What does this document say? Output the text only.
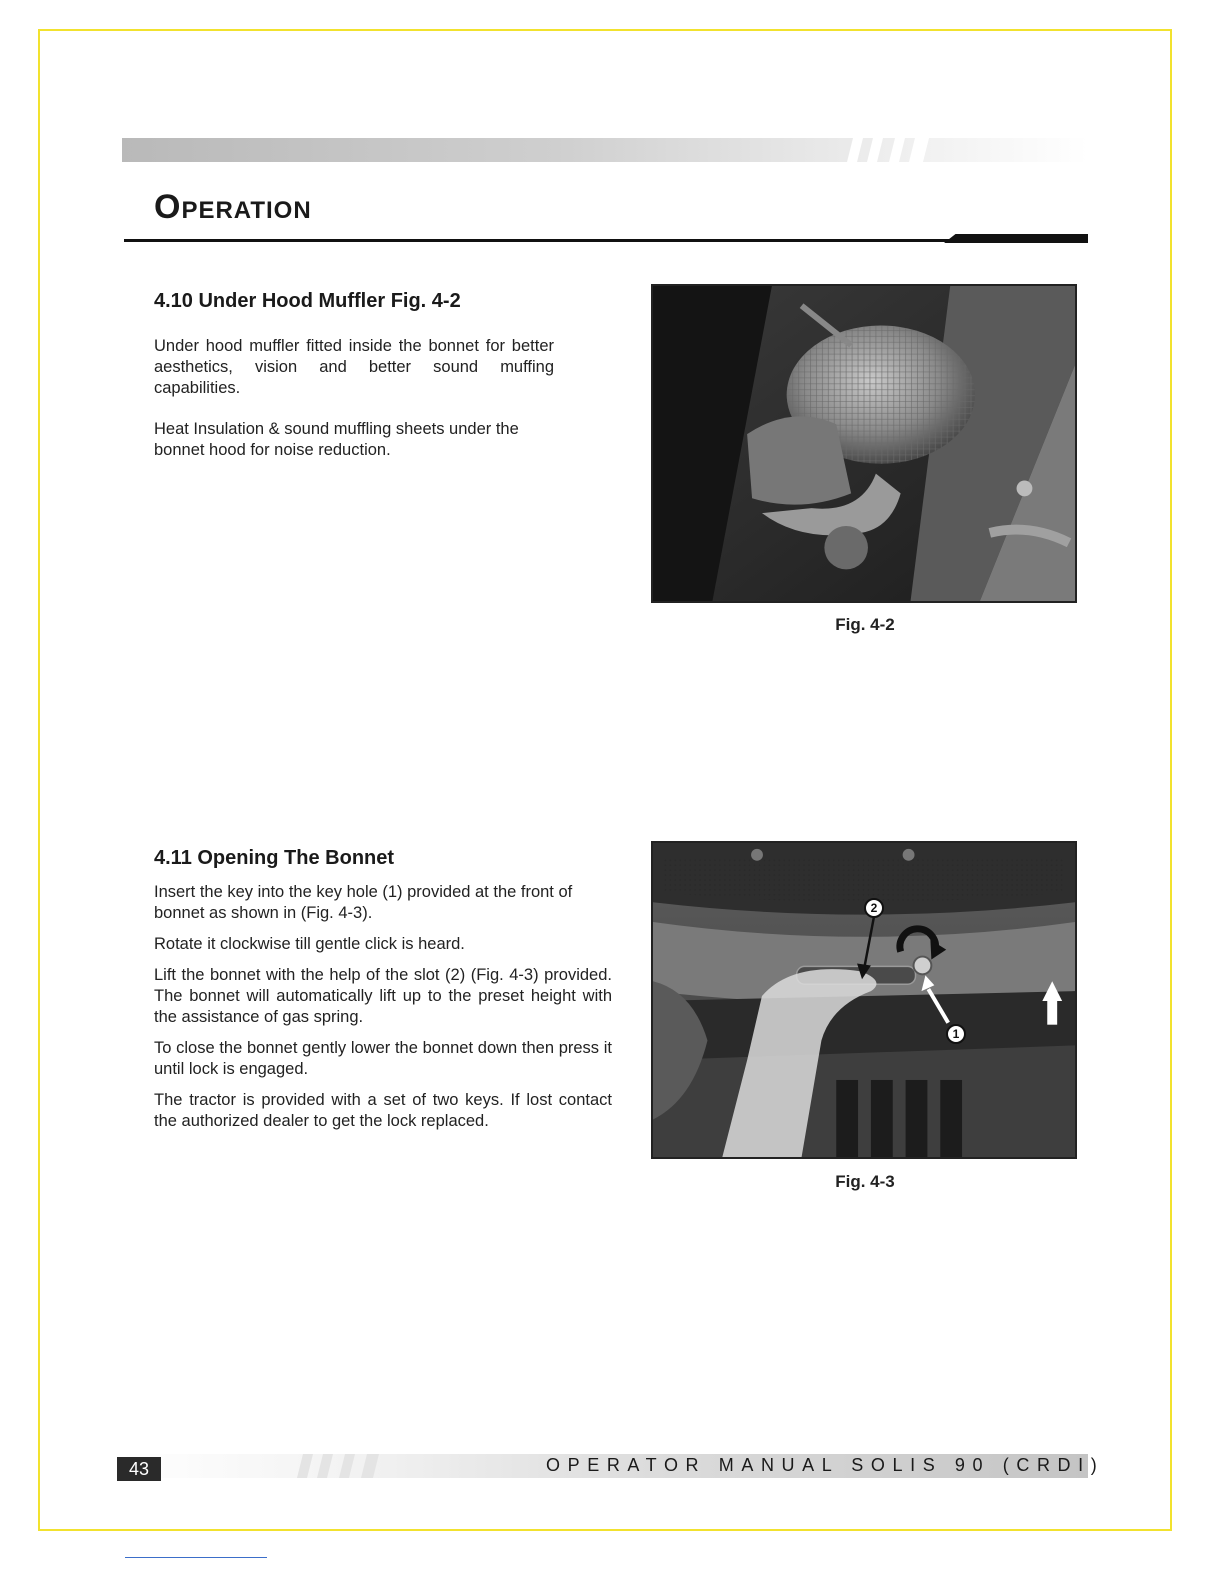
Operation
4.10 Under Hood Muffler Fig. 4-2

Under hood muffler fitted inside the bonnet for better aesthetics, vision and better sound muffing capabilities.

Heat Insulation & sound muffling sheets under the bonnet hood for noise reduction.

Fig. 4-2
4.11 Opening The Bonnet

Insert the key into the key hole (1) provided at the front of bonnet as shown in (Fig. 4-3).

Rotate it clockwise till gentle click is heard.

Lift the bonnet with the help of the slot (2) (Fig. 4-3) provided. The bonnet will automatically lift up to the preset height with the assistance of gas spring.

To close the bonnet gently lower the bonnet down then press it until lock is engaged.

The tractor is provided with a set of two keys. If lost contact the authorized dealer to get the lock replaced.

2
1
Fig. 4-3
43	OPERATOR MANUAL SOLIS 90 (CRDI)
